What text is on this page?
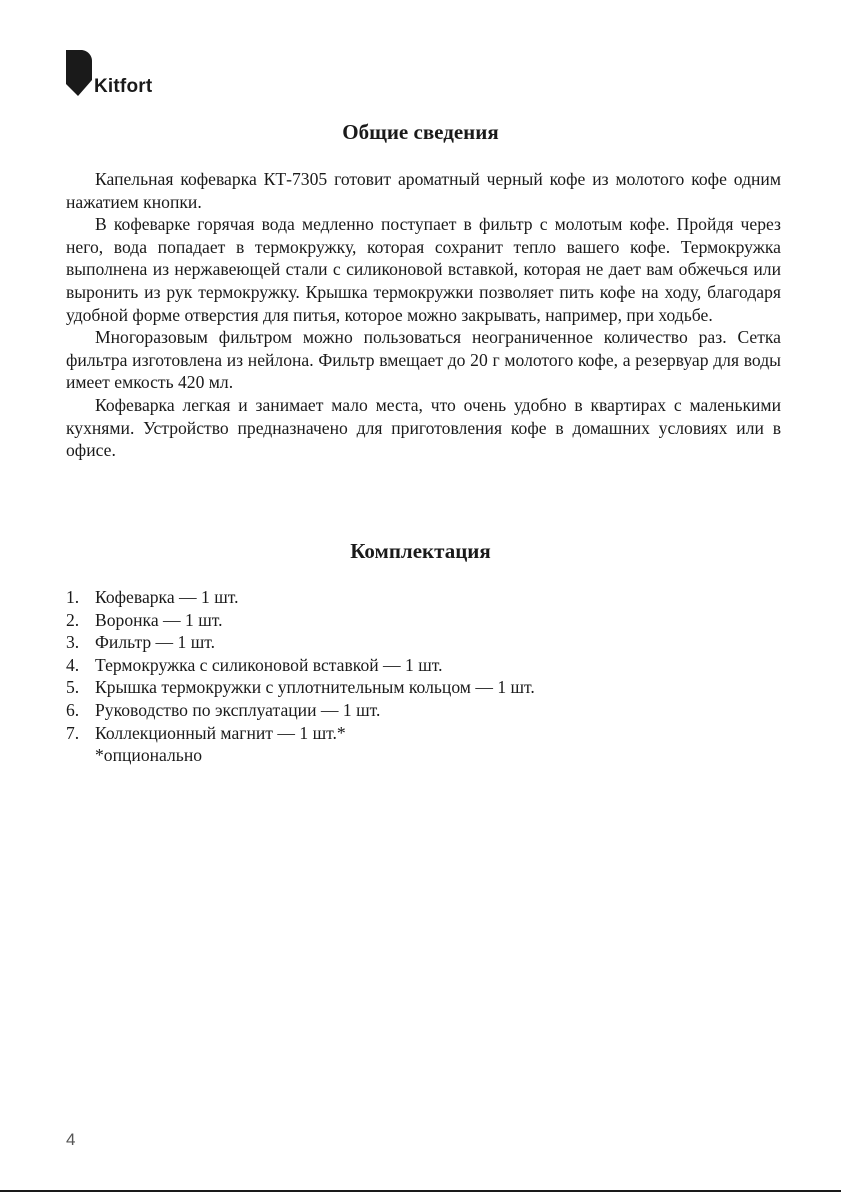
Kitfort
Общие сведения

Капельная кофеварка КТ-7305 готовит ароматный черный кофе из молотого кофе одним нажатием кнопки.

В кофеварке горячая вода медленно поступает в фильтр с молотым кофе. Пройдя через него, вода попадает в термокружку, которая сохранит тепло вашего кофе. Термокружка выполнена из нержавеющей стали с силиконовой вставкой, которая не дает вам обжечься или выронить из рук термокружку. Крышка термокружки позволяет пить кофе на ходу, благодаря удобной форме отверстия для питья, которое можно закрывать, например, при ходьбе.

Многоразовым фильтром можно пользоваться неограниченное количество раз. Сетка фильтра изготовлена из нейлона. Фильтр вмещает до 20 г молотого кофе, а резервуар для воды имеет емкость 420 мл.

Кофеварка легкая и занимает мало места, что очень удобно в квартирах с маленькими кухнями. Устройство предназначено для приготовления кофе в домашних условиях или в офисе.

Комплектация
1. Кофеварка — 1 шт.
2. Воронка — 1 шт.
3. Фильтр — 1 шт.
4. Термокружка с силиконовой вставкой — 1 шт.
5. Крышка термокружки с уплотнительным кольцом — 1 шт.
6. Руководство по эксплуатации — 1 шт.
7. Коллекционный магнит — 1 шт.*
*опционально
4
